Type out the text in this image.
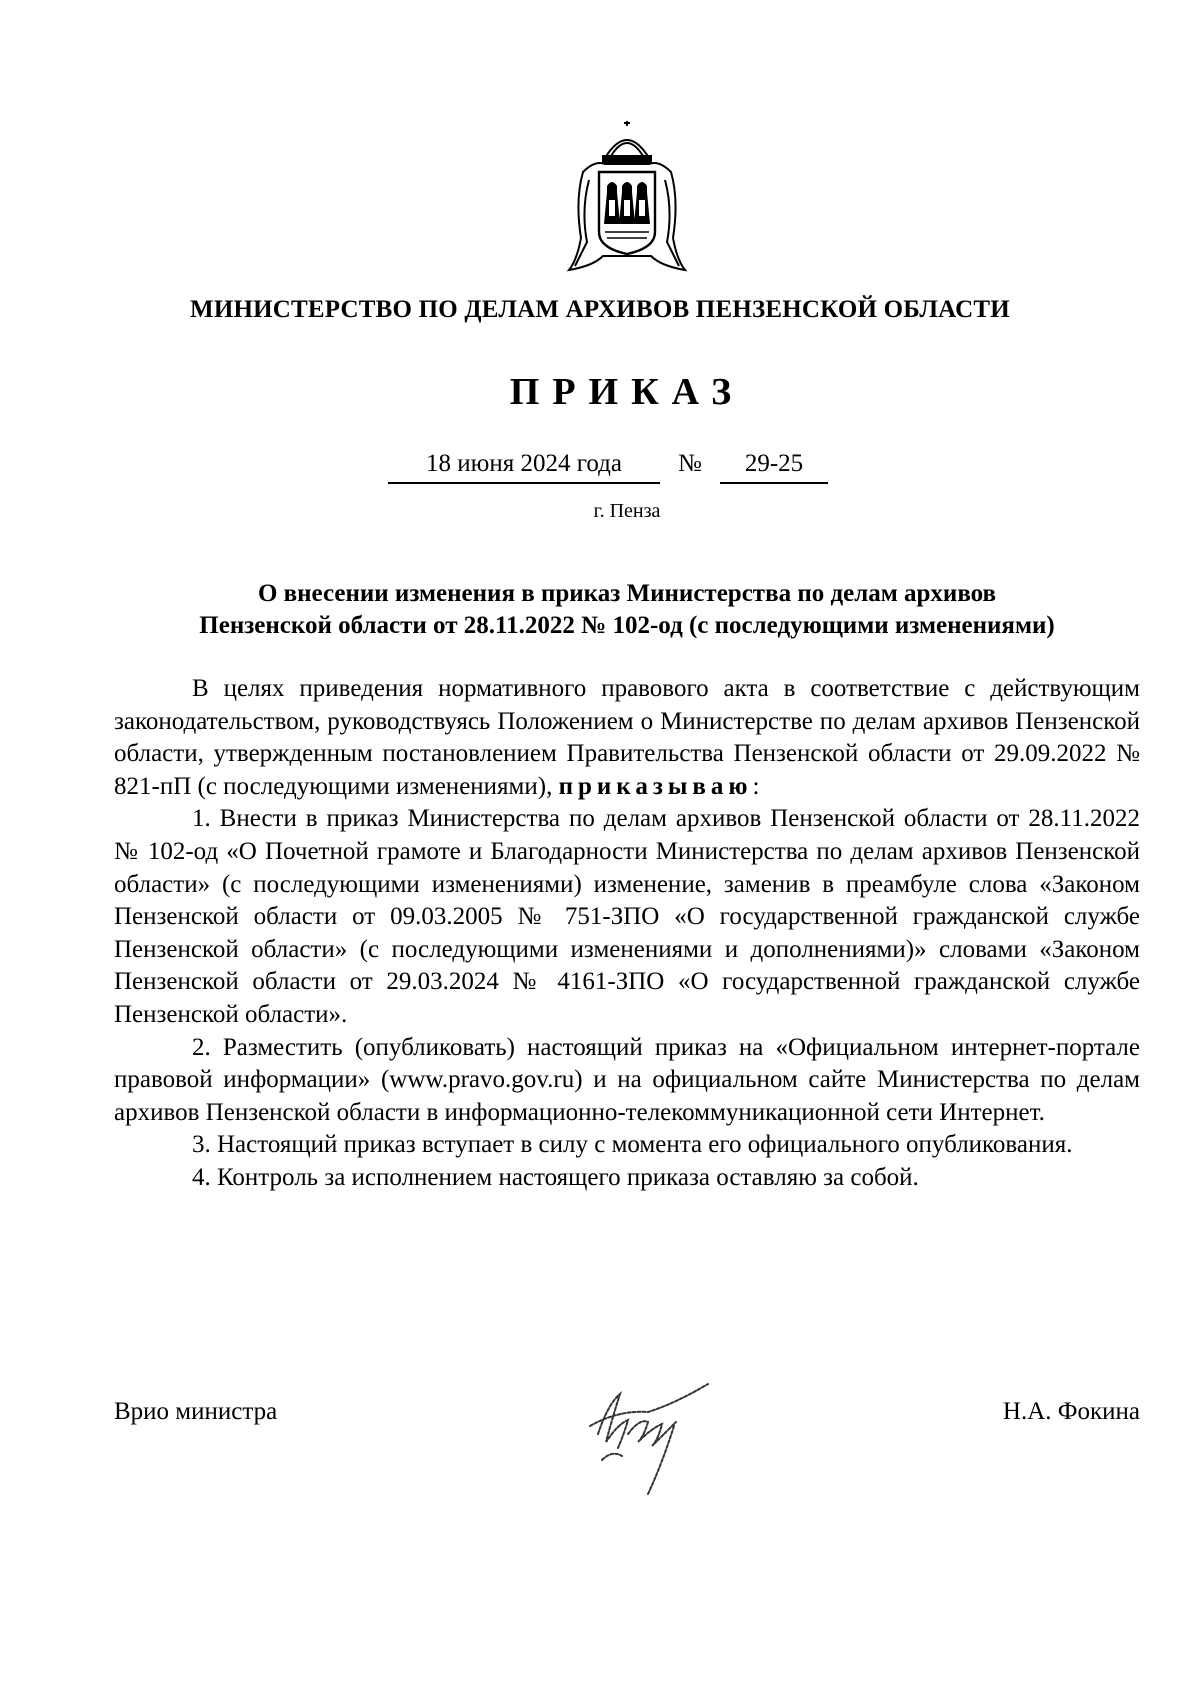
МИНИСТЕРСТВО ПО ДЕЛАМ АРХИВОВ ПЕНЗЕНСКОЙ ОБЛАСТИ
ПРИКАЗ
18 июня 2024 года	№	29-25
г. Пенза
О внесении изменения в приказ Министерства по делам архивов
Пензенской области от 28.11.2022 № 102-од (с последующими изменениями)

В целях приведения нормативного правового акта в соответствие с действующим законодательством, руководствуясь Положением о Министерстве по делам архивов Пензенской области, утвержденным постановлением Правительства Пензенской области от 29.09.2022 № 821-пП (с последующими изменениями), приказываю:

1. Внести в приказ Министерства по делам архивов Пензенской области от 28.11.2022 № 102-од «О Почетной грамоте и Благодарности Министерства по делам архивов Пензенской области» (с последующими изменениями) изменение, заменив в преамбуле слова «Законом Пензенской области от 09.03.2005 № 751-ЗПО «О государственной гражданской службе Пензенской области» (с последующими изменениями и дополнениями)» словами «Законом Пензенской области от 29.03.2024 № 4161-ЗПО «О государственной гражданской службе Пензенской области».

2. Разместить (опубликовать) настоящий приказ на «Официальном интернет-портале правовой информации» (www.pravo.gov.ru) и на официальном сайте Министерства по делам архивов Пензенской области в информационно-телекоммуникационной сети Интернет.

3. Настоящий приказ вступает в силу с момента его официального опубликования.

4. Контроль за исполнением настоящего приказа оставляю за собой.

Врио министра	Н.А. Фокина
